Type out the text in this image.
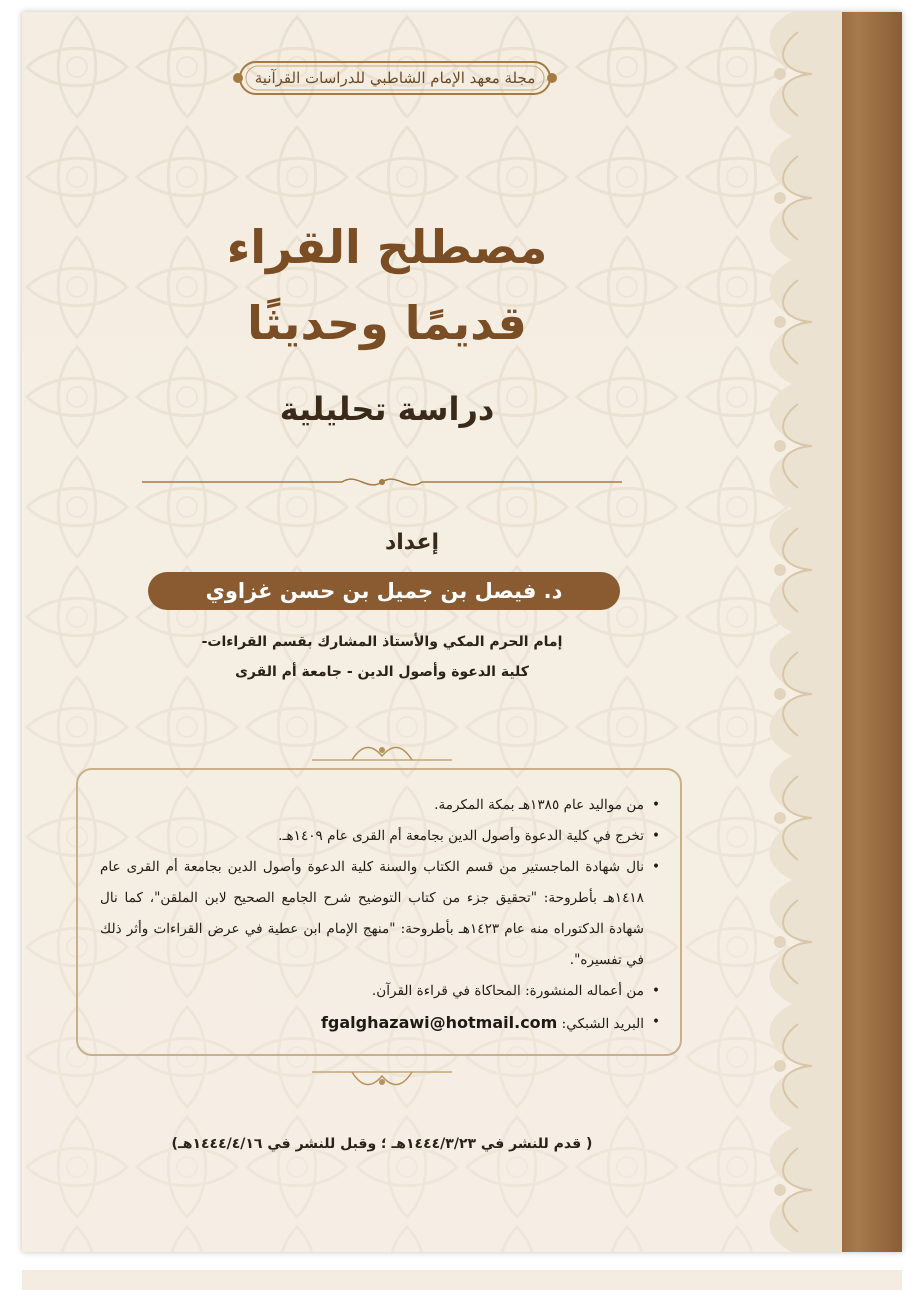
مجلة معهد الإمام الشاطبي للدراسات القرآنية
مصطلح القراء
قديمًا وحديثًا
دراسة تحليلية
إعداد
د. فيصل بن جميل بن حسن غزاوي
إمام الحرم المكي والأستاذ المشارك بقسم القراءات-
كلية الدعوة وأصول الدين - جامعة أم القرى
• من مواليد عام ١٣٨٥هـ بمكة المكرمة.
• تخرج في كلية الدعوة وأصول الدين بجامعة أم القرى عام ١٤٠٩هـ.
• نال شهادة الماجستير من قسم الكتاب والسنة كلية الدعوة وأصول الدين بجامعة أم القرى عام ١٤١٨هـ بأطروحة: "تحقيق جزء من كتاب التوضيح شرح الجامع الصحيح لابن الملقن"، كما نال شهادة الدكتوراه منه عام ١٤٢٣هـ بأطروحة: "منهج الإمام ابن عطية في عرض القراءات وأثر ذلك في تفسيره".
• من أعماله المنشورة: المحاكاة في قراءة القرآن.
• البريد الشبكي: fgalghazawi@hotmail.com
( قدم للنشر في ١٤٤٤/٣/٢٣هـ ؛ وقبل للنشر في ١٤٤٤/٤/١٦هـ)
